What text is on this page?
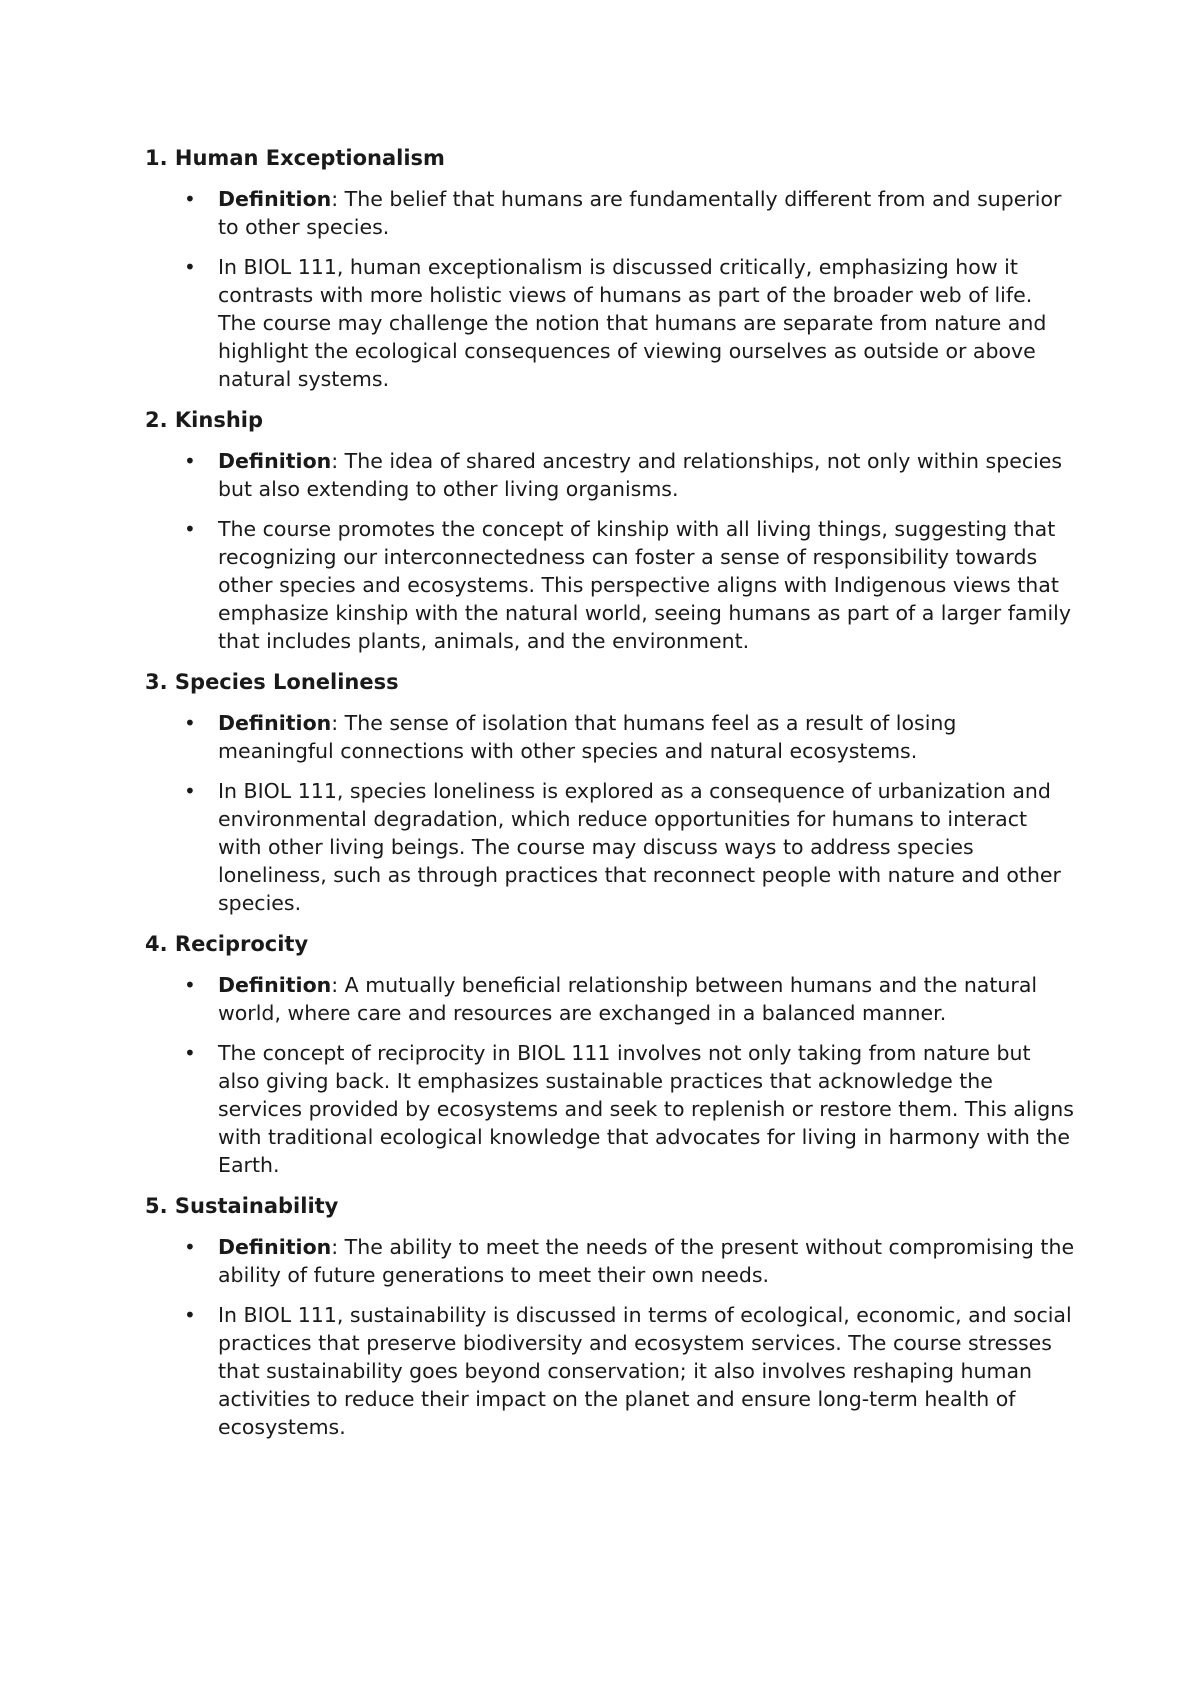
1. Human Exceptionalism
• Definition: The belief that humans are fundamentally different from and superior to other species.
• In BIOL 111, human exceptionalism is discussed critically, emphasizing how it contrasts with more holistic views of humans as part of the broader web of life. The course may challenge the notion that humans are separate from nature and highlight the ecological consequences of viewing ourselves as outside or above natural systems.
2. Kinship
• Definition: The idea of shared ancestry and relationships, not only within species but also extending to other living organisms.
• The course promotes the concept of kinship with all living things, suggesting that recognizing our interconnectedness can foster a sense of responsibility towards other species and ecosystems. This perspective aligns with Indigenous views that emphasize kinship with the natural world, seeing humans as part of a larger family that includes plants, animals, and the environment.
3. Species Loneliness
• Definition: The sense of isolation that humans feel as a result of losing meaningful connections with other species and natural ecosystems.
• In BIOL 111, species loneliness is explored as a consequence of urbanization and environmental degradation, which reduce opportunities for humans to interact with other living beings. The course may discuss ways to address species loneliness, such as through practices that reconnect people with nature and other species.
4. Reciprocity
• Definition: A mutually beneficial relationship between humans and the natural world, where care and resources are exchanged in a balanced manner.
• The concept of reciprocity in BIOL 111 involves not only taking from nature but also giving back. It emphasizes sustainable practices that acknowledge the services provided by ecosystems and seek to replenish or restore them. This aligns with traditional ecological knowledge that advocates for living in harmony with the Earth.
5. Sustainability
• Definition: The ability to meet the needs of the present without compromising the ability of future generations to meet their own needs.
• In BIOL 111, sustainability is discussed in terms of ecological, economic, and social practices that preserve biodiversity and ecosystem services. The course stresses that sustainability goes beyond conservation; it also involves reshaping human activities to reduce their impact on the planet and ensure long-term health of ecosystems.
